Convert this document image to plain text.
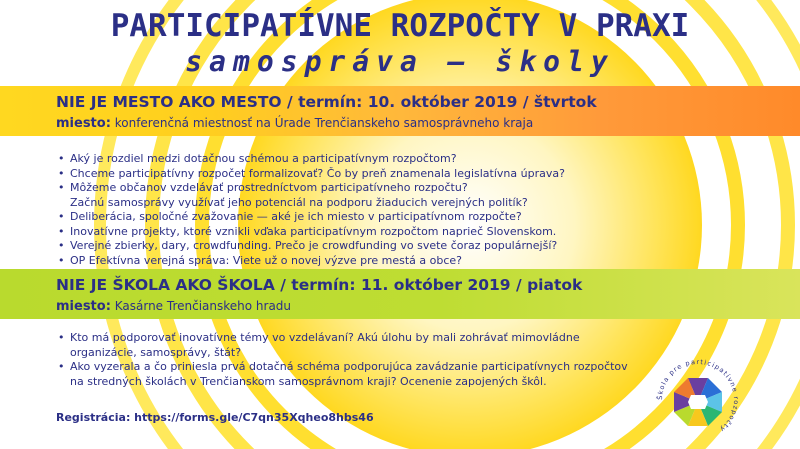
PARTICIPATÍVNE ROZPOČTY V PRAXI
samospráva — školy
NIE JE MESTO AKO MESTO / termín: 10. október 2019 / štvrtok
miesto: konferenčná miestnosť na Úrade Trenčianskeho samosprávneho kraja
• Aký je rozdiel medzi dotačnou schémou a participatívnym rozpočtom?
• Chceme participatívny rozpočet formalizovať? Čo by preň znamenala legislatívna úprava?
• Môžeme občanov vzdelávať prostredníctvom participatívneho rozpočtu?
Začnú samosprávy využívať jeho potenciál na podporu žiaducich verejných politík?
• Deliberácia, spoločné zvažovanie — aké je ich miesto v participatívnom rozpočte?
• Inovatívne projekty, ktoré vznikli vďaka participatívnym rozpočtom naprieč Slovenskom.
• Verejné zbierky, dary, crowdfunding. Prečo je crowdfunding vo svete čoraz populárnejší?
• OP Efektívna verejná správa: Viete už o novej výzve pre mestá a obce?
NIE JE ŠKOLA AKO ŠKOLA / termín: 11. október 2019 / piatok
miesto: Kasárne Trenčianskeho hradu
• Kto má podporovať inovatívne témy vo vzdelávaní? Akú úlohu by mali zohrávať mimovládne
organizácie, samosprávy, štát?
• Ako vyzerala a čo priniesla prvá dotačná schéma podporujúca zavádzanie participatívnych rozpočtov
na stredných školách v Trenčianskom samosprávnom kraji? Ocenenie zapojených škôl.
Registrácia: https://forms.gle/C7qn35Xqheo8hbs46
Škola pre participatívne rozpočty
